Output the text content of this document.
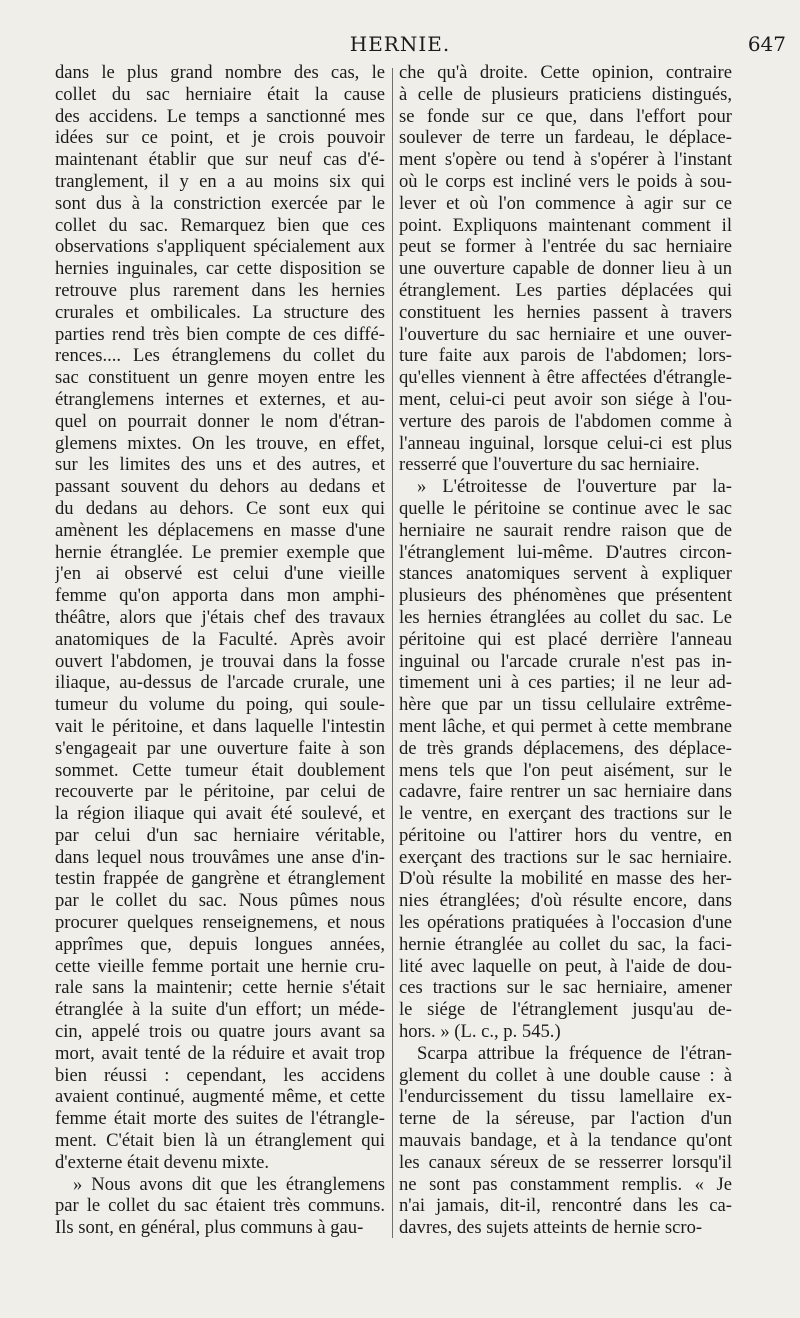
HERNIE.	647
dans le plus grand nombre des cas, le
collet du sac herniaire était la cause
des accidens. Le temps a sanctionné mes
idées sur ce point, et je crois pouvoir
maintenant établir que sur neuf cas d'é-
tranglement, il y en a au moins six qui
sont dus à la constriction exercée par le
collet du sac. Remarquez bien que ces
observations s'appliquent spécialement aux
hernies inguinales, car cette disposition se
retrouve plus rarement dans les hernies
crurales et ombilicales. La structure des
parties rend très bien compte de ces diffé-
rences.... Les étranglemens du collet du
sac constituent un genre moyen entre les
étranglemens internes et externes, et au-
quel on pourrait donner le nom d'étran-
glemens mixtes. On les trouve, en effet,
sur les limites des uns et des autres, et
passant souvent du dehors au dedans et
du dedans au dehors. Ce sont eux qui
amènent les déplacemens en masse d'une
hernie étranglée. Le premier exemple que
j'en ai observé est celui d'une vieille
femme qu'on apporta dans mon amphi-
théâtre, alors que j'étais chef des travaux
anatomiques de la Faculté. Après avoir
ouvert l'abdomen, je trouvai dans la fosse
iliaque, au-dessus de l'arcade crurale, une
tumeur du volume du poing, qui soule-
vait le péritoine, et dans laquelle l'intestin
s'engageait par une ouverture faite à son
sommet. Cette tumeur était doublement
recouverte par le péritoine, par celui de
la région iliaque qui avait été soulevé, et
par celui d'un sac herniaire véritable,
dans lequel nous trouvâmes une anse d'in-
testin frappée de gangrène et étranglement
par le collet du sac. Nous pûmes nous
procurer quelques renseignemens, et nous
apprîmes que, depuis longues années,
cette vieille femme portait une hernie cru-
rale sans la maintenir; cette hernie s'était
étranglée à la suite d'un effort; un méde-
cin, appelé trois ou quatre jours avant sa
mort, avait tenté de la réduire et avait trop
bien réussi : cependant, les accidens
avaient continué, augmenté même, et cette
femme était morte des suites de l'étrangle-
ment. C'était bien là un étranglement qui
d'externe était devenu mixte.
» Nous avons dit que les étranglemens
par le collet du sac étaient très communs.
Ils sont, en général, plus communs à gau-
che qu'à droite. Cette opinion, contraire
à celle de plusieurs praticiens distingués,
se fonde sur ce que, dans l'effort pour
soulever de terre un fardeau, le déplace-
ment s'opère ou tend à s'opérer à l'instant
où le corps est incliné vers le poids à sou-
lever et où l'on commence à agir sur ce
point. Expliquons maintenant comment il
peut se former à l'entrée du sac herniaire
une ouverture capable de donner lieu à un
étranglement. Les parties déplacées qui
constituent les hernies passent à travers
l'ouverture du sac herniaire et une ouver-
ture faite aux parois de l'abdomen; lors-
qu'elles viennent à être affectées d'étrangle-
ment, celui-ci peut avoir son siége à l'ou-
verture des parois de l'abdomen comme à
l'anneau inguinal, lorsque celui-ci est plus
resserré que l'ouverture du sac herniaire.
» L'étroitesse de l'ouverture par la-
quelle le péritoine se continue avec le sac
herniaire ne saurait rendre raison que de
l'étranglement lui-même. D'autres circon-
stances anatomiques servent à expliquer
plusieurs des phénomènes que présentent
les hernies étranglées au collet du sac. Le
péritoine qui est placé derrière l'anneau
inguinal ou l'arcade crurale n'est pas in-
timement uni à ces parties; il ne leur ad-
hère que par un tissu cellulaire extrême-
ment lâche, et qui permet à cette membrane
de très grands déplacemens, des déplace-
mens tels que l'on peut aisément, sur le
cadavre, faire rentrer un sac herniaire dans
le ventre, en exerçant des tractions sur le
péritoine ou l'attirer hors du ventre, en
exerçant des tractions sur le sac herniaire.
D'où résulte la mobilité en masse des her-
nies étranglées; d'où résulte encore, dans
les opérations pratiquées à l'occasion d'une
hernie étranglée au collet du sac, la faci-
lité avec laquelle on peut, à l'aide de dou-
ces tractions sur le sac herniaire, amener
le siége de l'étranglement jusqu'au de-
hors. » (L. c., p. 545.)
Scarpa attribue la fréquence de l'étran-
glement du collet à une double cause : à
l'endurcissement du tissu lamellaire ex-
terne de la séreuse, par l'action d'un
mauvais bandage, et à la tendance qu'ont
les canaux séreux de se resserrer lorsqu'il
ne sont pas constamment remplis. « Je
n'ai jamais, dit-il, rencontré dans les ca-
davres, des sujets atteints de hernie scro-
